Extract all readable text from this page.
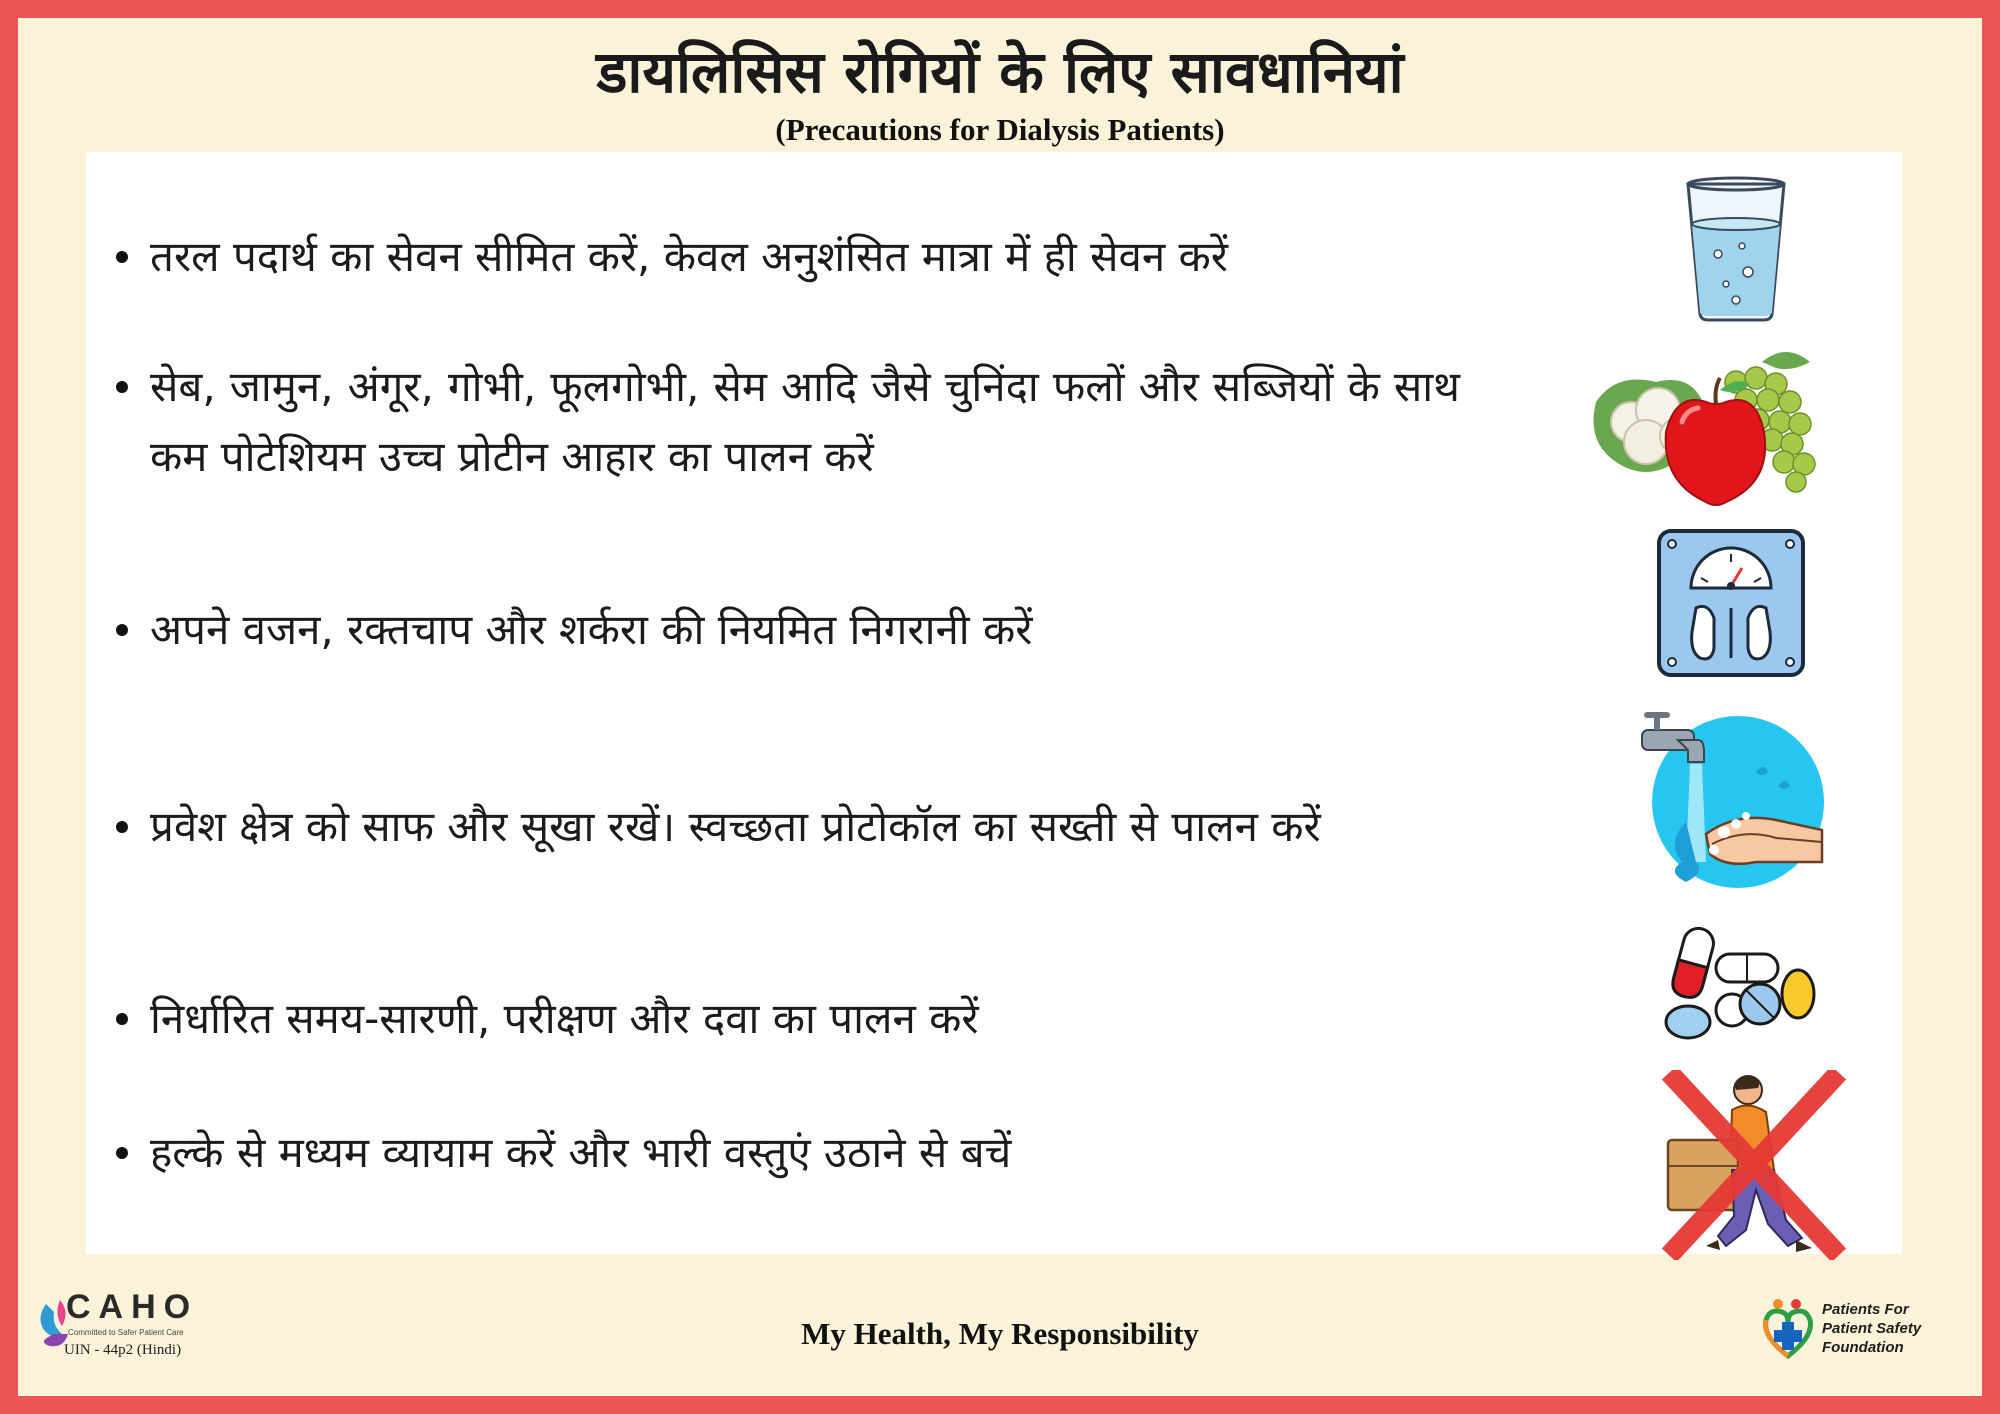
डायलिसिस रोगियों के लिए सावधानियां
(Precautions for Dialysis Patients)
तरल पदार्थ का सेवन सीमित करें, केवल अनुशंसित मात्रा में ही सेवन करें
सेब, जामुन, अंगूर, गोभी, फूलगोभी, सेम आदि जैसे चुनिंदा फलों और सब्जियों के साथ कम पोटेशियम उच्च प्रोटीन आहार का पालन करें
अपने वजन, रक्तचाप और शर्करा की नियमित निगरानी करें
प्रवेश क्षेत्र को साफ और सूखा रखें। स्वच्छता प्रोटोकॉल का सख्ती से पालन करें
निर्धारित समय-सारणी, परीक्षण और दवा का पालन करें
हल्के से मध्यम व्यायाम करें और भारी वस्तुएं उठाने से बचें
CAHO
Committed to Safer Patient Care
UIN - 44p2 (Hindi)	My Health, My Responsibility
Patients For
Patient Safety
Foundation
